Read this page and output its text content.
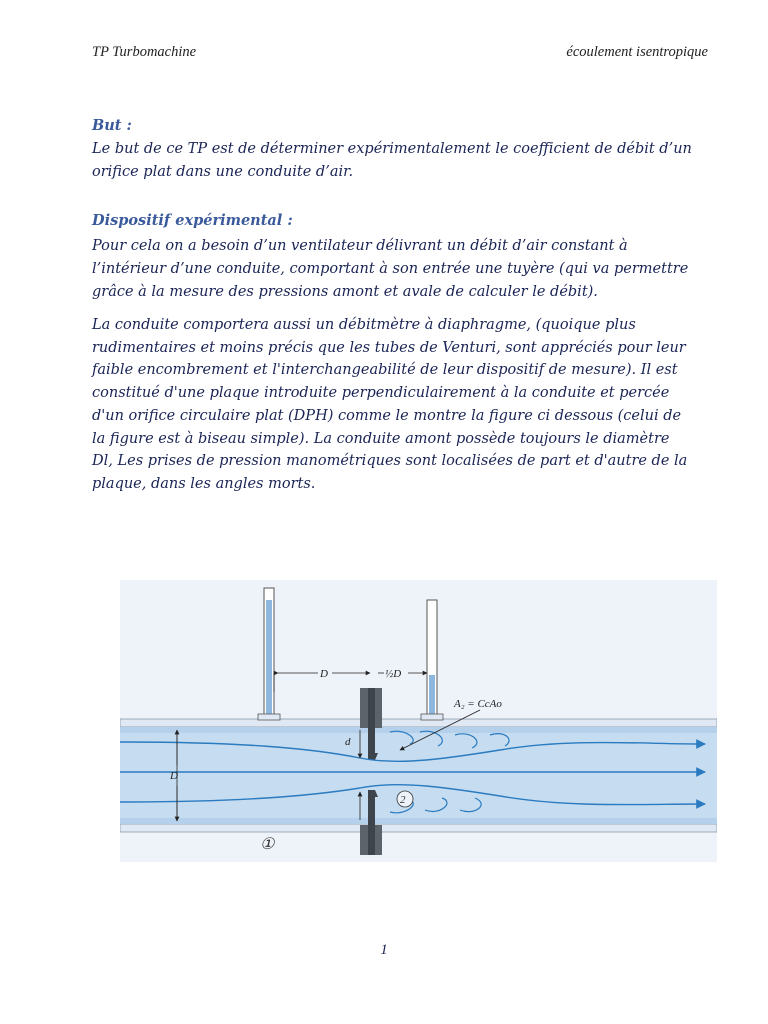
TP Turbomachine	écoulement isentropique
But :
Le but de ce TP est de déterminer expérimentalement le coefficient de débit d’un orifice plat dans une conduite d’air.
Dispositif expérimental :
Pour cela on a besoin d’un ventilateur délivrant un débit d’air constant à l’intérieur d’une conduite, comportant à son entrée une tuyère (qui va permettre grâce à la mesure des pressions amont et avale de calculer le débit).
La conduite comportera aussi un débitmètre à diaphragme, (quoique plus rudimentaires et moins précis que les tubes de Venturi, sont appréciés pour leur faible encombrement et l'interchangeabilité de leur dispositif de mesure). Il est constitué d'une plaque introduite perpendiculairement à la conduite et percée d'un orifice circulaire plat (DPH) comme le montre la figure ci dessous (celui de la figure est à biseau simple). La conduite amont possède toujours le diamètre Dl, Les prises de pression manométriques sont localisées de part et d'autre de la plaque, dans les angles morts.
D	½D
A₂ = CcAo
d
D
①
2
1
